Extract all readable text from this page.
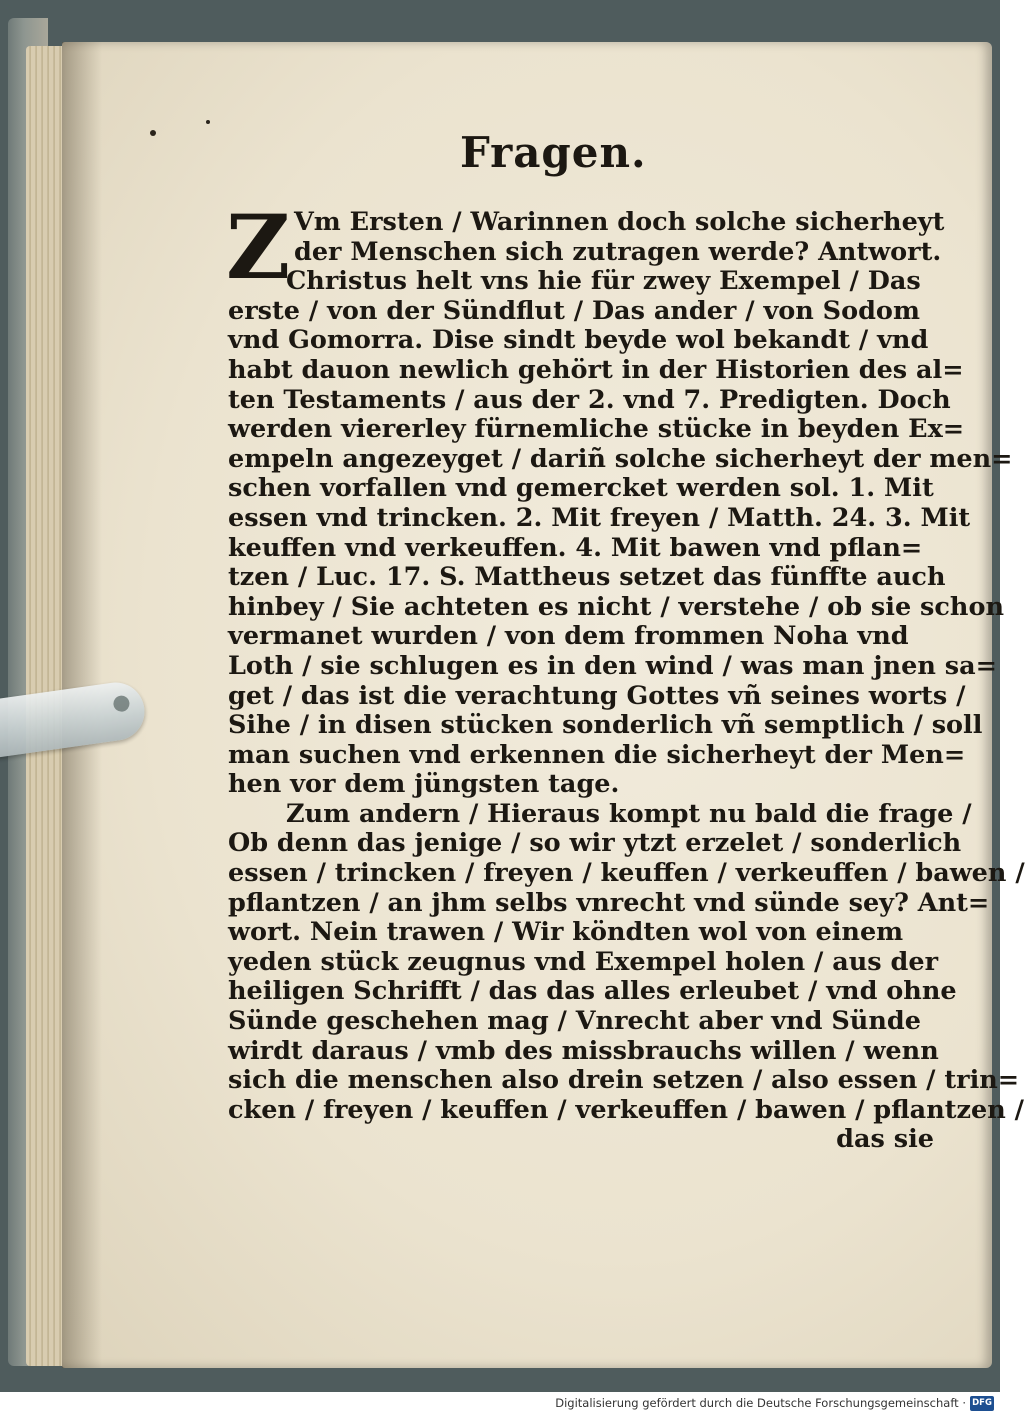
Fragen.
Z Vm Ersten / Warinnen doch solche sicherheyt
der Menschen sich zutragen werde? Antwort.
Christus helt vns hie für zwey Exempel / Das
erste / von der Sündflut / Das ander / von Sodom
vnd Gomorra. Dise sindt beyde wol bekandt / vnd
habt dauon newlich gehört in der Historien des al=
ten Testaments / aus der 2. vnd 7. Predigten. Doch
werden viererley fürnemliche stücke in beyden Ex=
empeln angezeyget / dariñ solche sicherheyt der men=
schen vorfallen vnd gemercket werden sol. 1. Mit
essen vnd trincken. 2. Mit freyen / Matth. 24. 3. Mit
keuffen vnd verkeuffen. 4. Mit bawen vnd pflan=
tzen / Luc. 17. S. Mattheus setzet das fünffte auch
hinbey / Sie achteten es nicht / verstehe / ob sie schon
vermanet wurden / von dem frommen Noha vnd
Loth / sie schlugen es in den wind / was man jnen sa=
get / das ist die verachtung Gottes vñ seines worts /
Sihe / in disen stücken sonderlich vñ semptlich / soll
man suchen vnd erkennen die sicherheyt der Men=
hen vor dem jüngsten tage.
Zum andern / Hieraus kompt nu bald die frage /
Ob denn das jenige / so wir ytzt erzelet / sonderlich
essen / trincken / freyen / keuffen / verkeuffen / bawen /
pflantzen / an jhm selbs vnrecht vnd sünde sey? Ant=
wort. Nein trawen / Wir köndten wol von einem
yeden stück zeugnus vnd Exempel holen / aus der
heiligen Schrifft / das das alles erleubet / vnd ohne
Sünde geschehen mag / Vnrecht aber vnd Sünde
wirdt daraus / vmb des missbrauchs willen / wenn
sich die menschen also drein setzen / also essen / trin=
cken / freyen / keuffen / verkeuffen / bawen / pflantzen /
das sie
Digitalisierung gefördert durch die Deutsche Forschungsgemeinschaft · DFG
